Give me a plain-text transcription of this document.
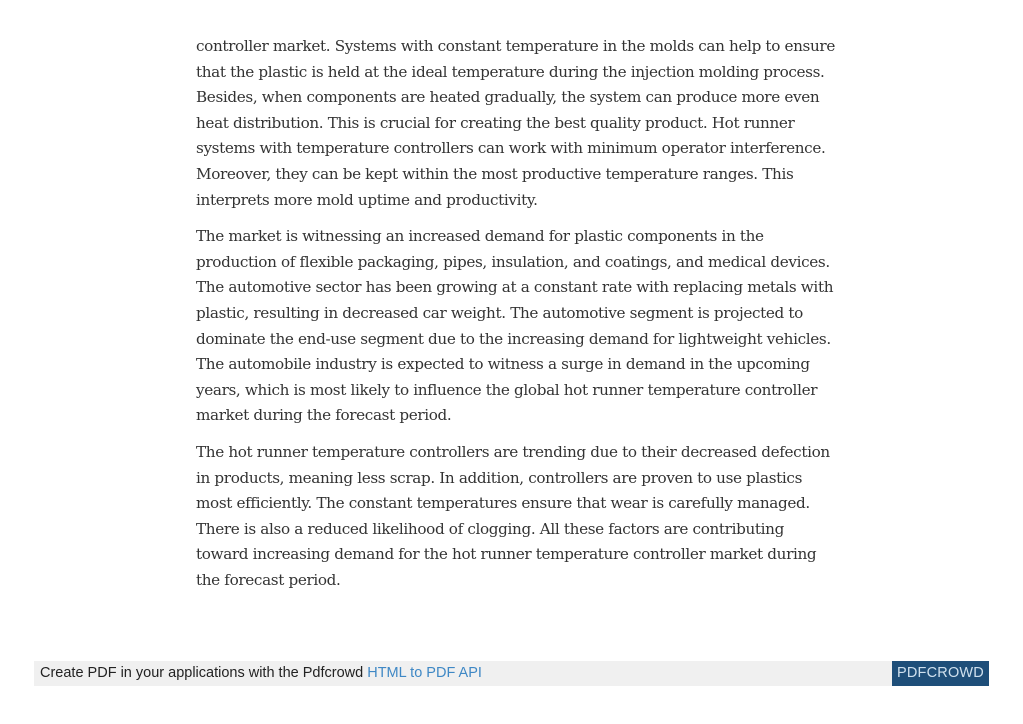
controller market. Systems with constant temperature in the molds can help to ensure that the plastic is held at the ideal temperature during the injection molding process. Besides, when components are heated gradually, the system can produce more even heat distribution. This is crucial for creating the best quality product. Hot runner systems with temperature controllers can work with minimum operator interference. Moreover, they can be kept within the most productive temperature ranges. This interprets more mold uptime and productivity.

The market is witnessing an increased demand for plastic components in the production of flexible packaging, pipes, insulation, and coatings, and medical devices. The automotive sector has been growing at a constant rate with replacing metals with plastic, resulting in decreased car weight. The automotive segment is projected to dominate the end-use segment due to the increasing demand for lightweight vehicles. The automobile industry is expected to witness a surge in demand in the upcoming years, which is most likely to influence the global hot runner temperature controller market during the forecast period.

The hot runner temperature controllers are trending due to their decreased defection in products, meaning less scrap. In addition, controllers are proven to use plastics most efficiently. The constant temperatures ensure that wear is carefully managed. There is also a reduced likelihood of clogging. All these factors are contributing toward increasing demand for the hot runner temperature controller market during the forecast period.

Create PDF in your applications with the Pdfcrowd HTML to PDF API	PDFCROWD
